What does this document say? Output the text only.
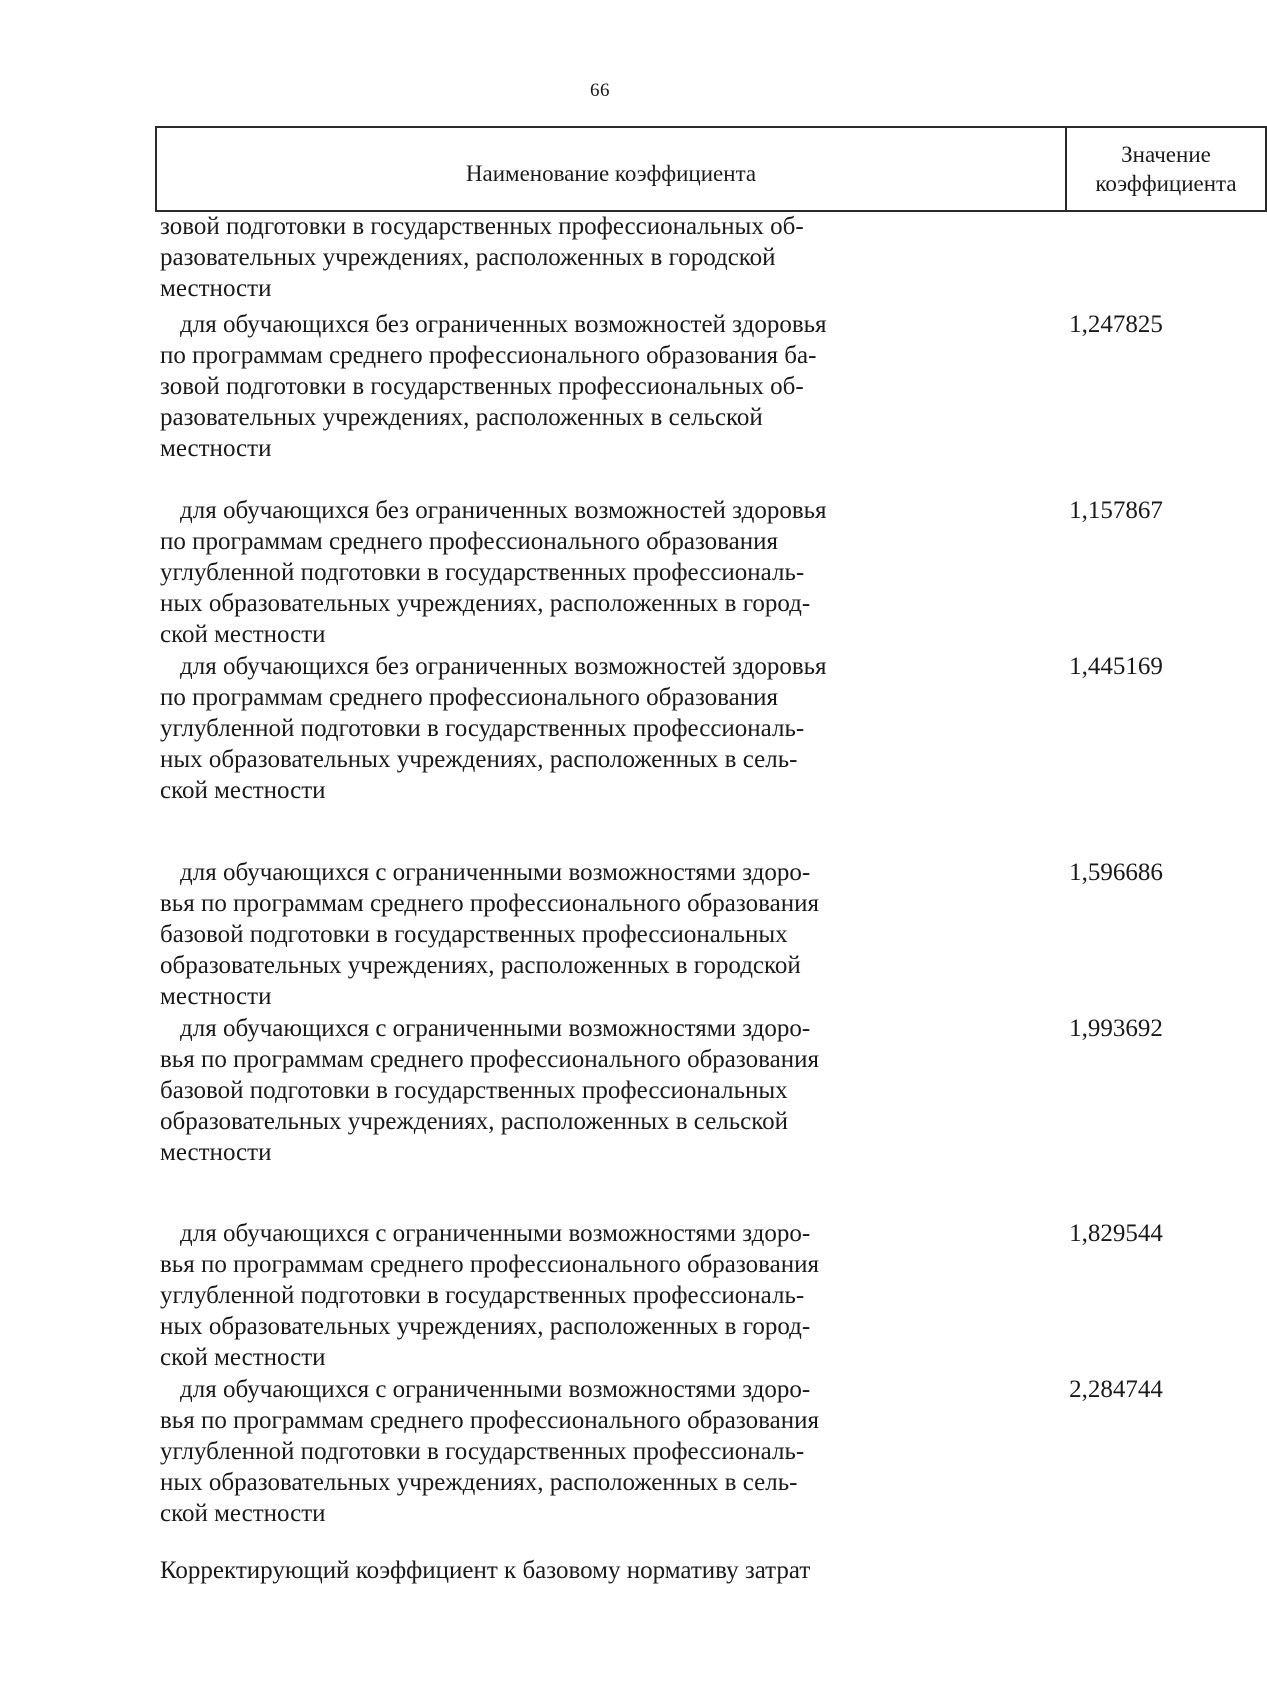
66
Наименование коэффициента
Значение
коэффициента
зовой подготовки в государственных профессиональных об-
разовательных учреждениях, расположенных в городской
местности
для обучающихся без ограниченных возможностей здоровья
по программам среднего профессионального образования ба-
зовой подготовки в государственных профессиональных об-
разовательных учреждениях, расположенных в сельской
местности
1,247825
для обучающихся без ограниченных возможностей здоровья
по программам среднего профессионального образования
углубленной подготовки в государственных профессиональ-
ных образовательных учреждениях, расположенных в город-
ской местности
1,157867
для обучающихся без ограниченных возможностей здоровья
по программам среднего профессионального образования
углубленной подготовки в государственных профессиональ-
ных образовательных учреждениях, расположенных в сель-
ской местности
1,445169
для обучающихся с ограниченными возможностями здоро-
вья по программам среднего профессионального образования
базовой подготовки в государственных профессиональных
образовательных учреждениях, расположенных в городской
местности
1,596686
для обучающихся с ограниченными возможностями здоро-
вья по программам среднего профессионального образования
базовой подготовки в государственных профессиональных
образовательных учреждениях, расположенных в сельской
местности
1,993692
для обучающихся с ограниченными возможностями здоро-
вья по программам среднего профессионального образования
углубленной подготовки в государственных профессиональ-
ных образовательных учреждениях, расположенных в город-
ской местности
1,829544
для обучающихся с ограниченными возможностями здоро-
вья по программам среднего профессионального образования
углубленной подготовки в государственных профессиональ-
ных образовательных учреждениях, расположенных в сель-
ской местности
2,284744
Корректирующий коэффициент к базовому нормативу затрат
